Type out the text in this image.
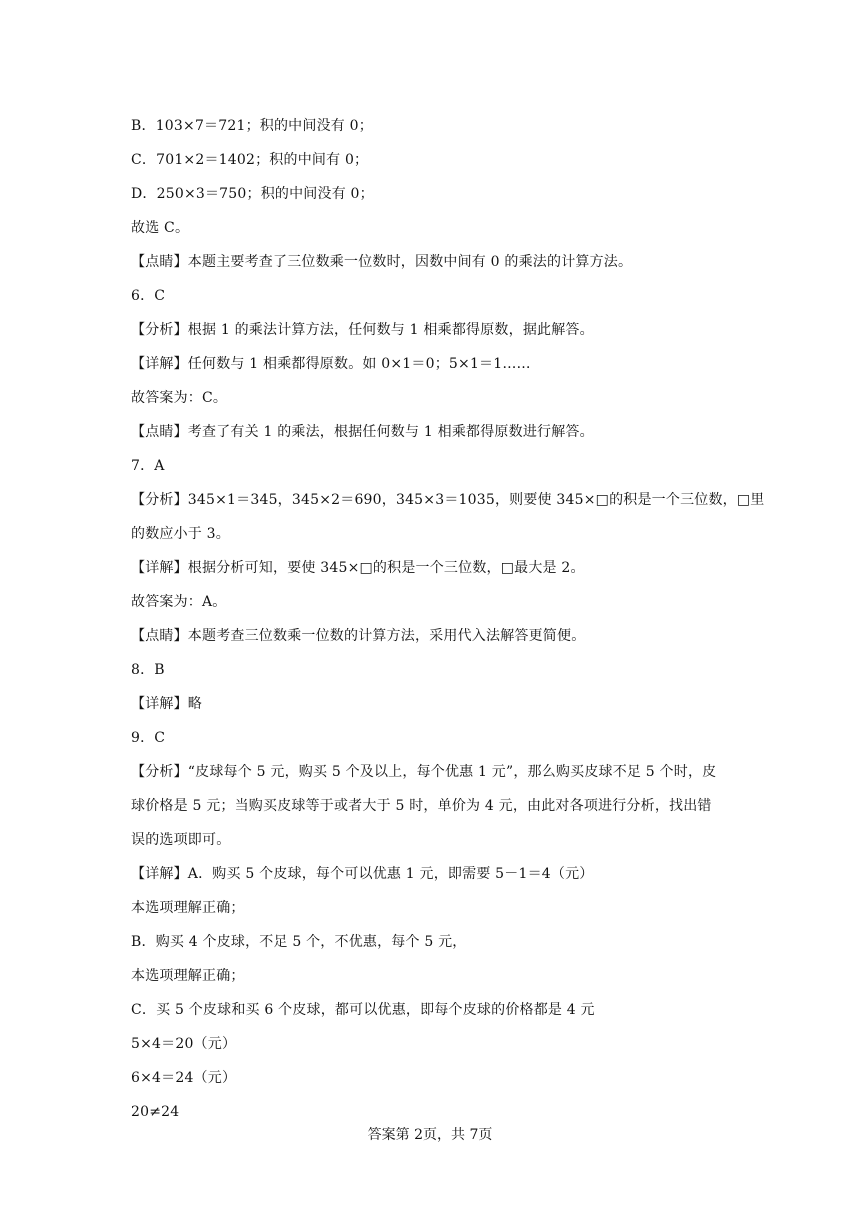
B．103×7＝721；积的中间没有 0；
C．701×2＝1402；积的中间有 0；
D．250×3＝750；积的中间没有 0；
故选 C。
【点睛】本题主要考查了三位数乘一位数时，因数中间有 0 的乘法的计算方法。
6．C
【分析】根据 1 的乘法计算方法，任何数与 1 相乘都得原数，据此解答。
【详解】任何数与 1 相乘都得原数。如 0×1＝0；5×1＝1……
故答案为：C。
【点睛】考查了有关 1 的乘法，根据任何数与 1 相乘都得原数进行解答。
7．A
【分析】345×1＝345，345×2＝690，345×3＝1035，则要使 345×□的积是一个三位数，□里
的数应小于 3。
【详解】根据分析可知，要使 345×□的积是一个三位数，□最大是 2。
故答案为：A。
【点睛】本题考查三位数乘一位数的计算方法，采用代入法解答更简便。
8．B
【详解】略
9．C
【分析】“皮球每个 5 元，购买 5 个及以上，每个优惠 1 元”，那么购买皮球不足 5 个时，皮
球价格是 5 元；当购买皮球等于或者大于 5 时，单价为 4 元，由此对各项进行分析，找出错
误的选项即可。
【详解】A．购买 5 个皮球，每个可以优惠 1 元，即需要 5－1＝4（元）
本选项理解正确；
B．购买 4 个皮球，不足 5 个，不优惠，每个 5 元，
本选项理解正确；
C．买 5 个皮球和买 6 个皮球，都可以优惠，即每个皮球的价格都是 4 元
5×4＝20（元）
6×4＝24（元）
20≠24
答案第 2页，共 7页
